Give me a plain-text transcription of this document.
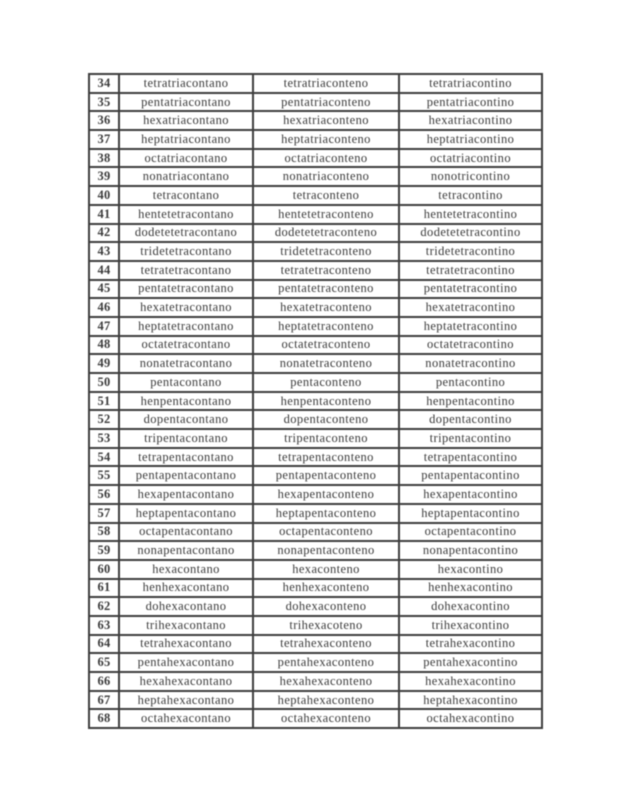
34	tetratriacontano	tetratriaconteno	tetratriacontino
35	pentatriacontano	pentatriaconteno	pentatriacontino
36	hexatriacontano	hexatriaconteno	hexatriacontino
37	heptatriacontano	heptatriaconteno	heptatriacontino
38	octatriacontano	octatriaconteno	octatriacontino
39	nonatriacontano	nonatriaconteno	nonotricontino
40	tetracontano	tetraconteno	tetracontino
41	hentetetracontano	hentetetraconteno	hentetetracontino
42	dodetetetracontano	dodetetetraconteno	dodetetetracontino
43	tridetetracontano	tridetetraconteno	tridetetracontino
44	tetratetracontano	tetratetraconteno	tetratetracontino
45	pentatetracontano	pentatetraconteno	pentatetracontino
46	hexatetracontano	hexatetraconteno	hexatetracontino
47	heptatetracontano	heptatetraconteno	heptatetracontino
48	octatetracontano	octatetraconteno	octatetracontino
49	nonatetracontano	nonatetraconteno	nonatetracontino
50	pentacontano	pentaconteno	pentacontino
51	henpentacontano	henpentaconteno	henpentacontino
52	dopentacontano	dopentaconteno	dopentacontino
53	tripentacontano	tripentaconteno	tripentacontino
54	tetrapentacontano	tetrapentaconteno	tetrapentacontino
55	pentapentacontano	pentapentaconteno	pentapentacontino
56	hexapentacontano	hexapentaconteno	hexapentacontino
57	heptapentacontano	heptapentaconteno	heptapentacontino
58	octapentacontano	octapentaconteno	octapentacontino
59	nonapentacontano	nonapentaconteno	nonapentacontino
60	hexacontano	hexaconteno	hexacontino
61	henhexacontano	henhexaconteno	henhexacontino
62	dohexacontano	dohexaconteno	dohexacontino
63	trihexacontano	trihexacoteno	trihexacontino
64	tetrahexacontano	tetrahexaconteno	tetrahexacontino
65	pentahexacontano	pentahexaconteno	pentahexacontino
66	hexahexacontano	hexahexaconteno	hexahexacontino
67	heptahexacontano	heptahexaconteno	heptahexacontino
68	octahexacontano	octahexaconteno	octahexacontino
